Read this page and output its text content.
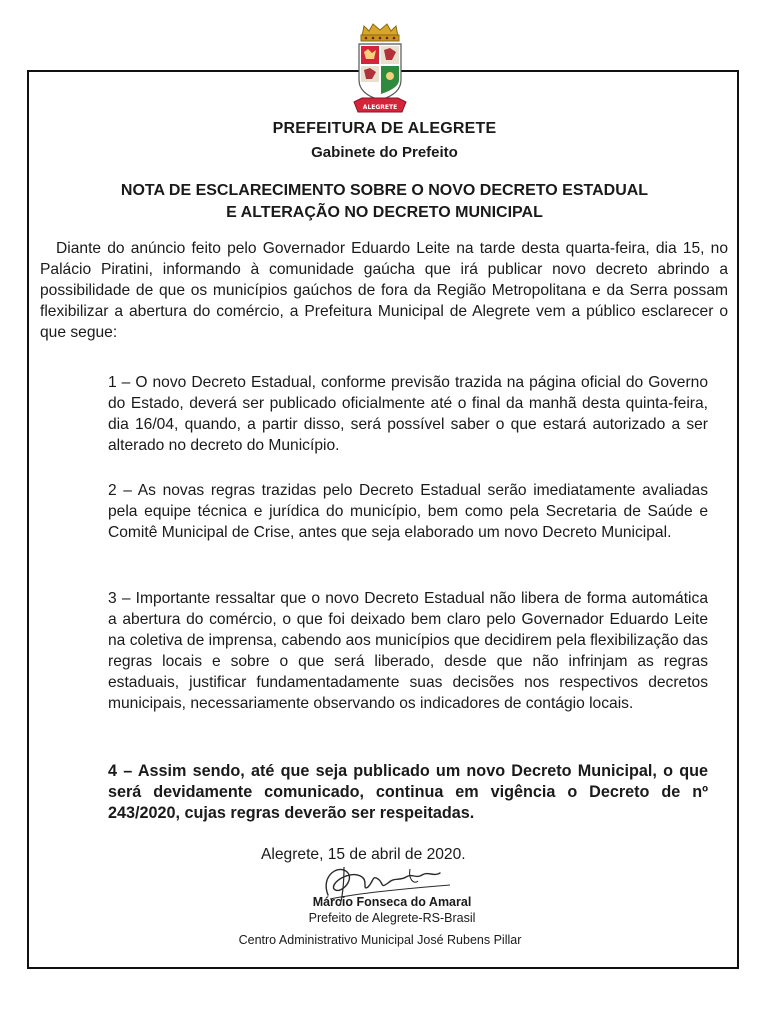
ALEGRETE
PREFEITURA DE ALEGRETE
Gabinete do Prefeito
NOTA DE ESCLARECIMENTO SOBRE O NOVO DECRETO ESTADUAL
E ALTERAÇÃO NO DECRETO MUNICIPAL

Diante do anúncio feito pelo Governador Eduardo Leite na tarde desta quarta-feira, dia 15, no Palácio Piratini, informando à comunidade gaúcha que irá publicar novo decreto abrindo a possibilidade de que os municípios gaúchos de fora da Região Metropolitana e da Serra possam flexibilizar a abertura do comércio, a Prefeitura Municipal de Alegrete vem a público esclarecer o que segue:

1 – O novo Decreto Estadual, conforme previsão trazida na página oficial do Governo do Estado, deverá ser publicado oficialmente até o final da manhã desta quinta-feira, dia 16/04, quando, a partir disso, será possível saber o que estará autorizado a ser alterado no decreto do Município.

2 – As novas regras trazidas pelo Decreto Estadual serão imediatamente avaliadas pela equipe técnica e jurídica do município, bem como pela Secretaria de Saúde e Comitê Municipal de Crise, antes que seja elaborado um novo Decreto Municipal.

3 – Importante ressaltar que o novo Decreto Estadual não libera de forma automática a abertura do comércio, o que foi deixado bem claro pelo Governador Eduardo Leite na coletiva de imprensa, cabendo aos municípios que decidirem pela flexibilização das regras locais e sobre o que será liberado, desde que não infrinjam as regras estaduais, justificar fundamentadamente suas decisões nos respectivos decretos municipais, necessariamente observando os indicadores de contágio locais.

4 – Assim sendo, até que seja publicado um novo Decreto Municipal, o que será devidamente comunicado, continua em vigência o Decreto de nº 243/2020, cujas regras deverão ser respeitadas.

Alegrete, 15 de abril de 2020.
Márcio Fonseca do Amaral
Prefeito de Alegrete-RS-Brasil
Centro Administrativo Municipal José Rubens Pillar
